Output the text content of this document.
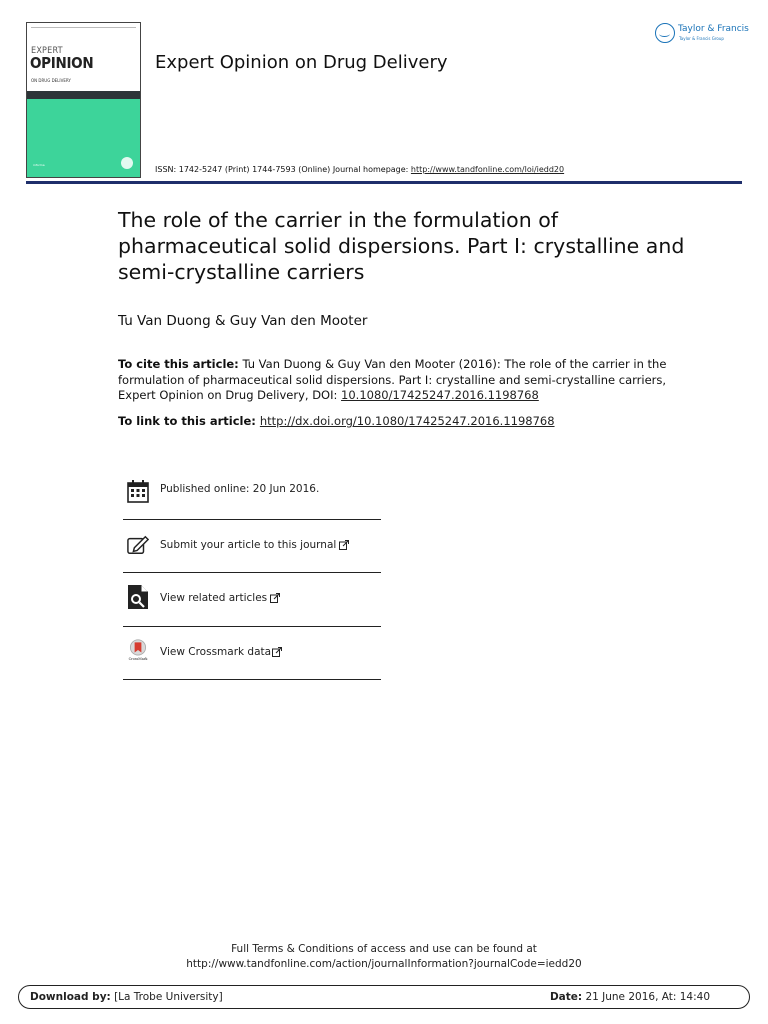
EXPERT
OPINION
ON DRUG DELIVERY
informa
Expert Opinion on Drug Delivery
ISSN: 1742-5247 (Print) 1744-7593 (Online) Journal homepage: http://www.tandfonline.com/loi/iedd20
Taylor & Francis
Taylor & Francis Group
The role of the carrier in the formulation of pharmaceutical solid dispersions. Part I: crystalline and semi-crystalline carriers
Tu Van Duong & Guy Van den Mooter
To cite this article: Tu Van Duong & Guy Van den Mooter (2016): The role of the carrier in the formulation of pharmaceutical solid dispersions. Part I: crystalline and semi-crystalline carriers, Expert Opinion on Drug Delivery, DOI: 10.1080/17425247.2016.1198768
To link to this article: http://dx.doi.org/10.1080/17425247.2016.1198768
Published online: 20 Jun 2016.
Submit your article to this journal
View related articles
CrossMark
View Crossmark data
Full Terms & Conditions of access and use can be found at
http://www.tandfonline.com/action/journalInformation?journalCode=iedd20
Download by: [La Trobe University]	Date: 21 June 2016, At: 14:40
